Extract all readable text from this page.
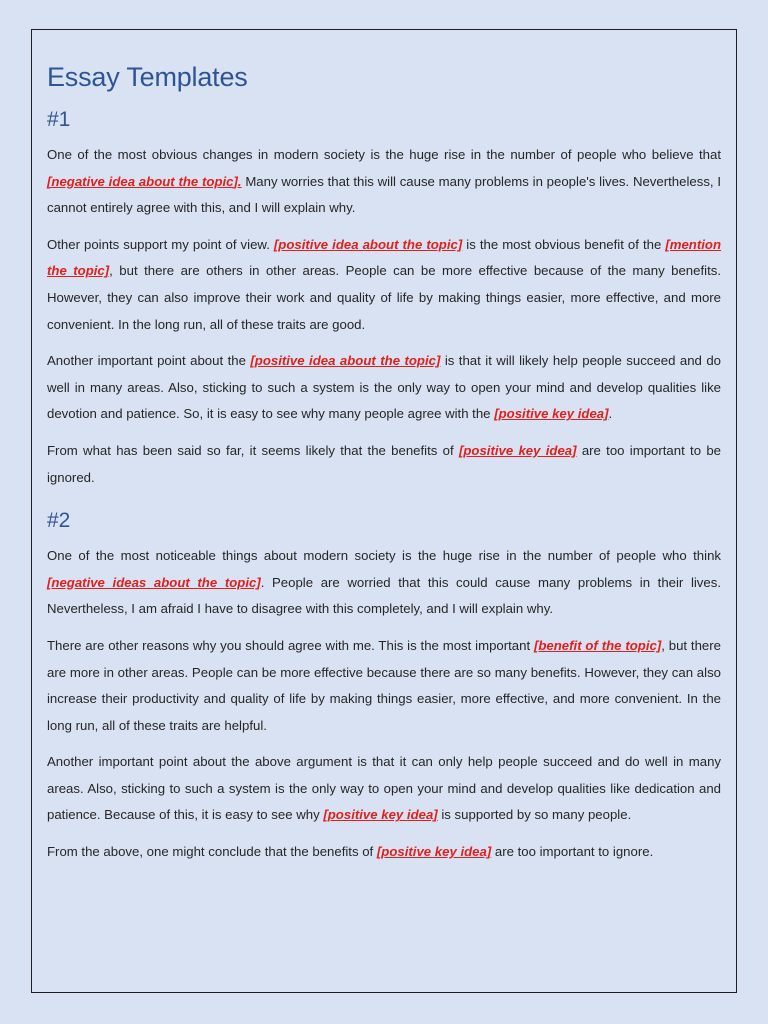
Essay Templates
#1

One of the most obvious changes in modern society is the huge rise in the number of people who believe that [negative idea about the topic]. Many worries that this will cause many problems in people's lives. Nevertheless, I cannot entirely agree with this, and I will explain why.

Other points support my point of view. [positive idea about the topic] is the most obvious benefit of the [mention the topic], but there are others in other areas. People can be more effective because of the many benefits. However, they can also improve their work and quality of life by making things easier, more effective, and more convenient. In the long run, all of these traits are good.

Another important point about the [positive idea about the topic] is that it will likely help people succeed and do well in many areas. Also, sticking to such a system is the only way to open your mind and develop qualities like devotion and patience. So, it is easy to see why many people agree with the [positive key idea].

From what has been said so far, it seems likely that the benefits of [positive key idea] are too important to be ignored.

#2

One of the most noticeable things about modern society is the huge rise in the number of people who think [negative ideas about the topic]. People are worried that this could cause many problems in their lives. Nevertheless, I am afraid I have to disagree with this completely, and I will explain why.

There are other reasons why you should agree with me. This is the most important [benefit of the topic], but there are more in other areas. People can be more effective because there are so many benefits. However, they can also increase their productivity and quality of life by making things easier, more effective, and more convenient. In the long run, all of these traits are helpful.

Another important point about the above argument is that it can only help people succeed and do well in many areas. Also, sticking to such a system is the only way to open your mind and develop qualities like dedication and patience. Because of this, it is easy to see why [positive key idea] is supported by so many people.

From the above, one might conclude that the benefits of [positive key idea] are too important to ignore.
